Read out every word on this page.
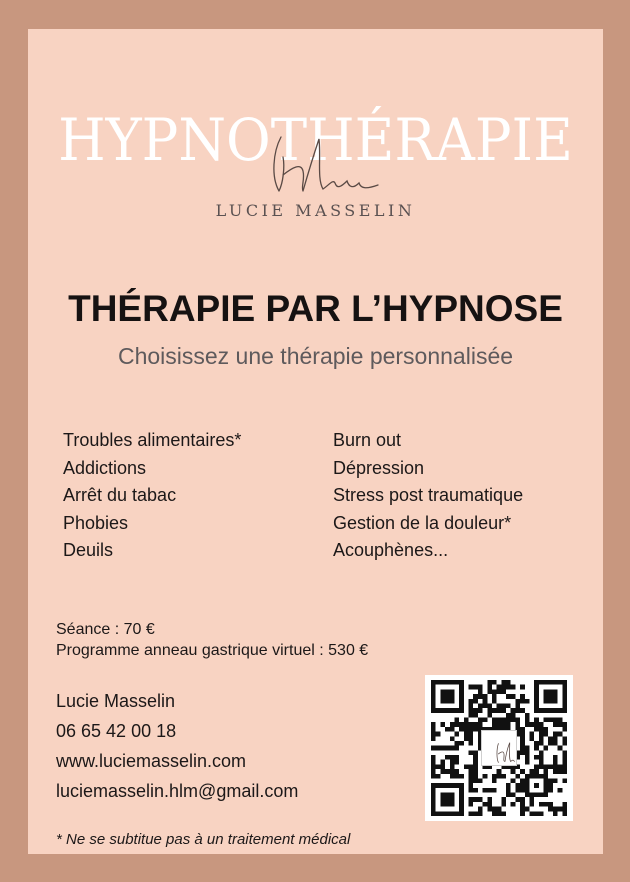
HYPNOTHÉRAPIE
LUCIE MASSELIN
THÉRAPIE PAR L’HYPNOSE
Choisissez une thérapie personnalisée
Troubles alimentaires*
Addictions
Arrêt du tabac
Phobies
Deuils
Burn out
Dépression
Stress post traumatique
Gestion de la douleur*
Acouphènes...
Séance : 70 €
Programme anneau gastrique virtuel : 530 €
Lucie Masselin
06 65 42 00 18
www.luciemasselin.com
luciemasselin.hlm@gmail.com
* Ne se subtitue pas à un traitement médical
